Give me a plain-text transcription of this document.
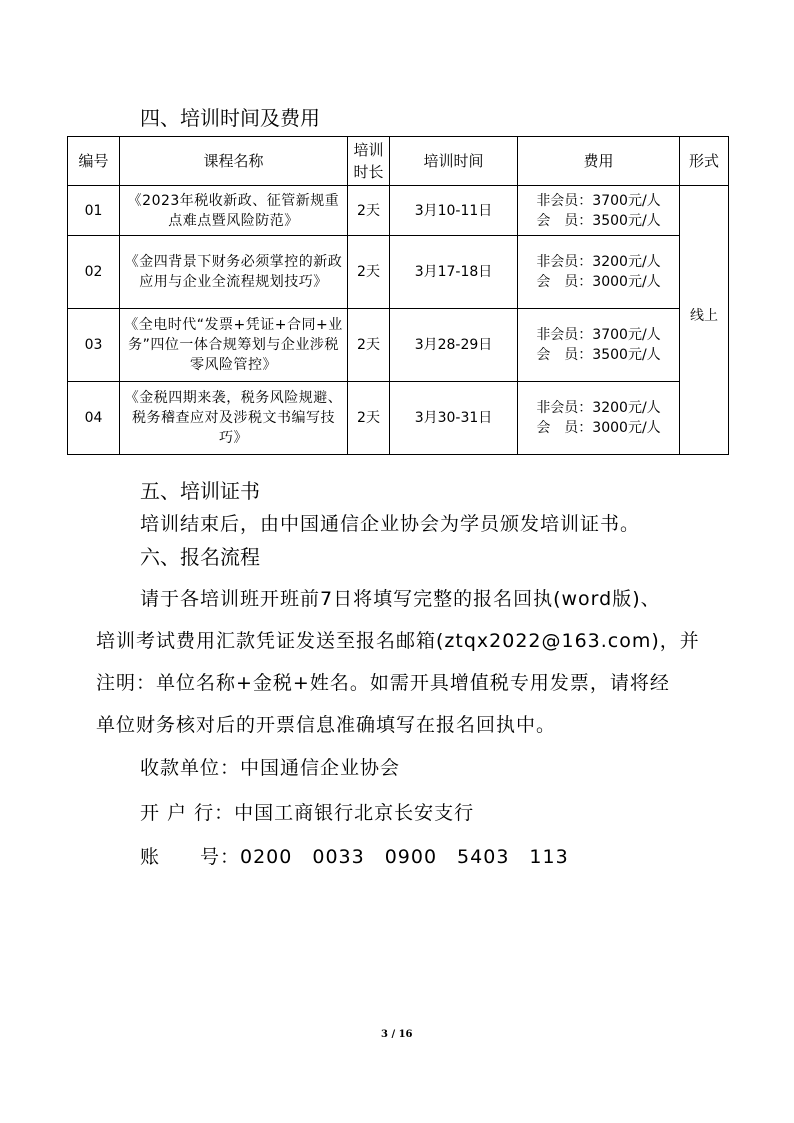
四、培训时间及费用
编号	课程名称	培训时长	培训时间	费用	形式
01	《2023年税收新政、征管新规重点难点暨风险防范》	2天	3月10-11日	非会员：3700元/人
会　员：3500元/人	线上
02	《金四背景下财务必须掌控的新政应用与企业全流程规划技巧》	2天	3月17-18日	非会员：3200元/人
会　员：3000元/人	

03	《全电时代“发票+凭证+合同+业务”四位一体合规筹划与企业涉税零风险管控》	2天	3月28-29日	非会员：3700元/人
会　员：3500元/人	

04	《金税四期来袭，税务风险规避、税务稽查应对及涉税文书编写技巧》	2天	3月30-31日	非会员：3200元/人
会　员：3000元/人	
五、培训证书
培训结束后，由中国通信企业协会为学员颁发培训证书。
六、报名流程
请于各培训班开班前7日将填写完整的报名回执(word版)、
培训考试费用汇款凭证发送至报名邮箱(ztqx2022@163.com)，并
注明：单位名称+金税+姓名。如需开具增值税专用发票，请将经
单位财务核对后的开票信息准确填写在报名回执中。
收款单位：中国通信企业协会
开 户 行：中国工商银行北京长安支行
账　　号：0200　0033　0900　5403　113
3 / 16
